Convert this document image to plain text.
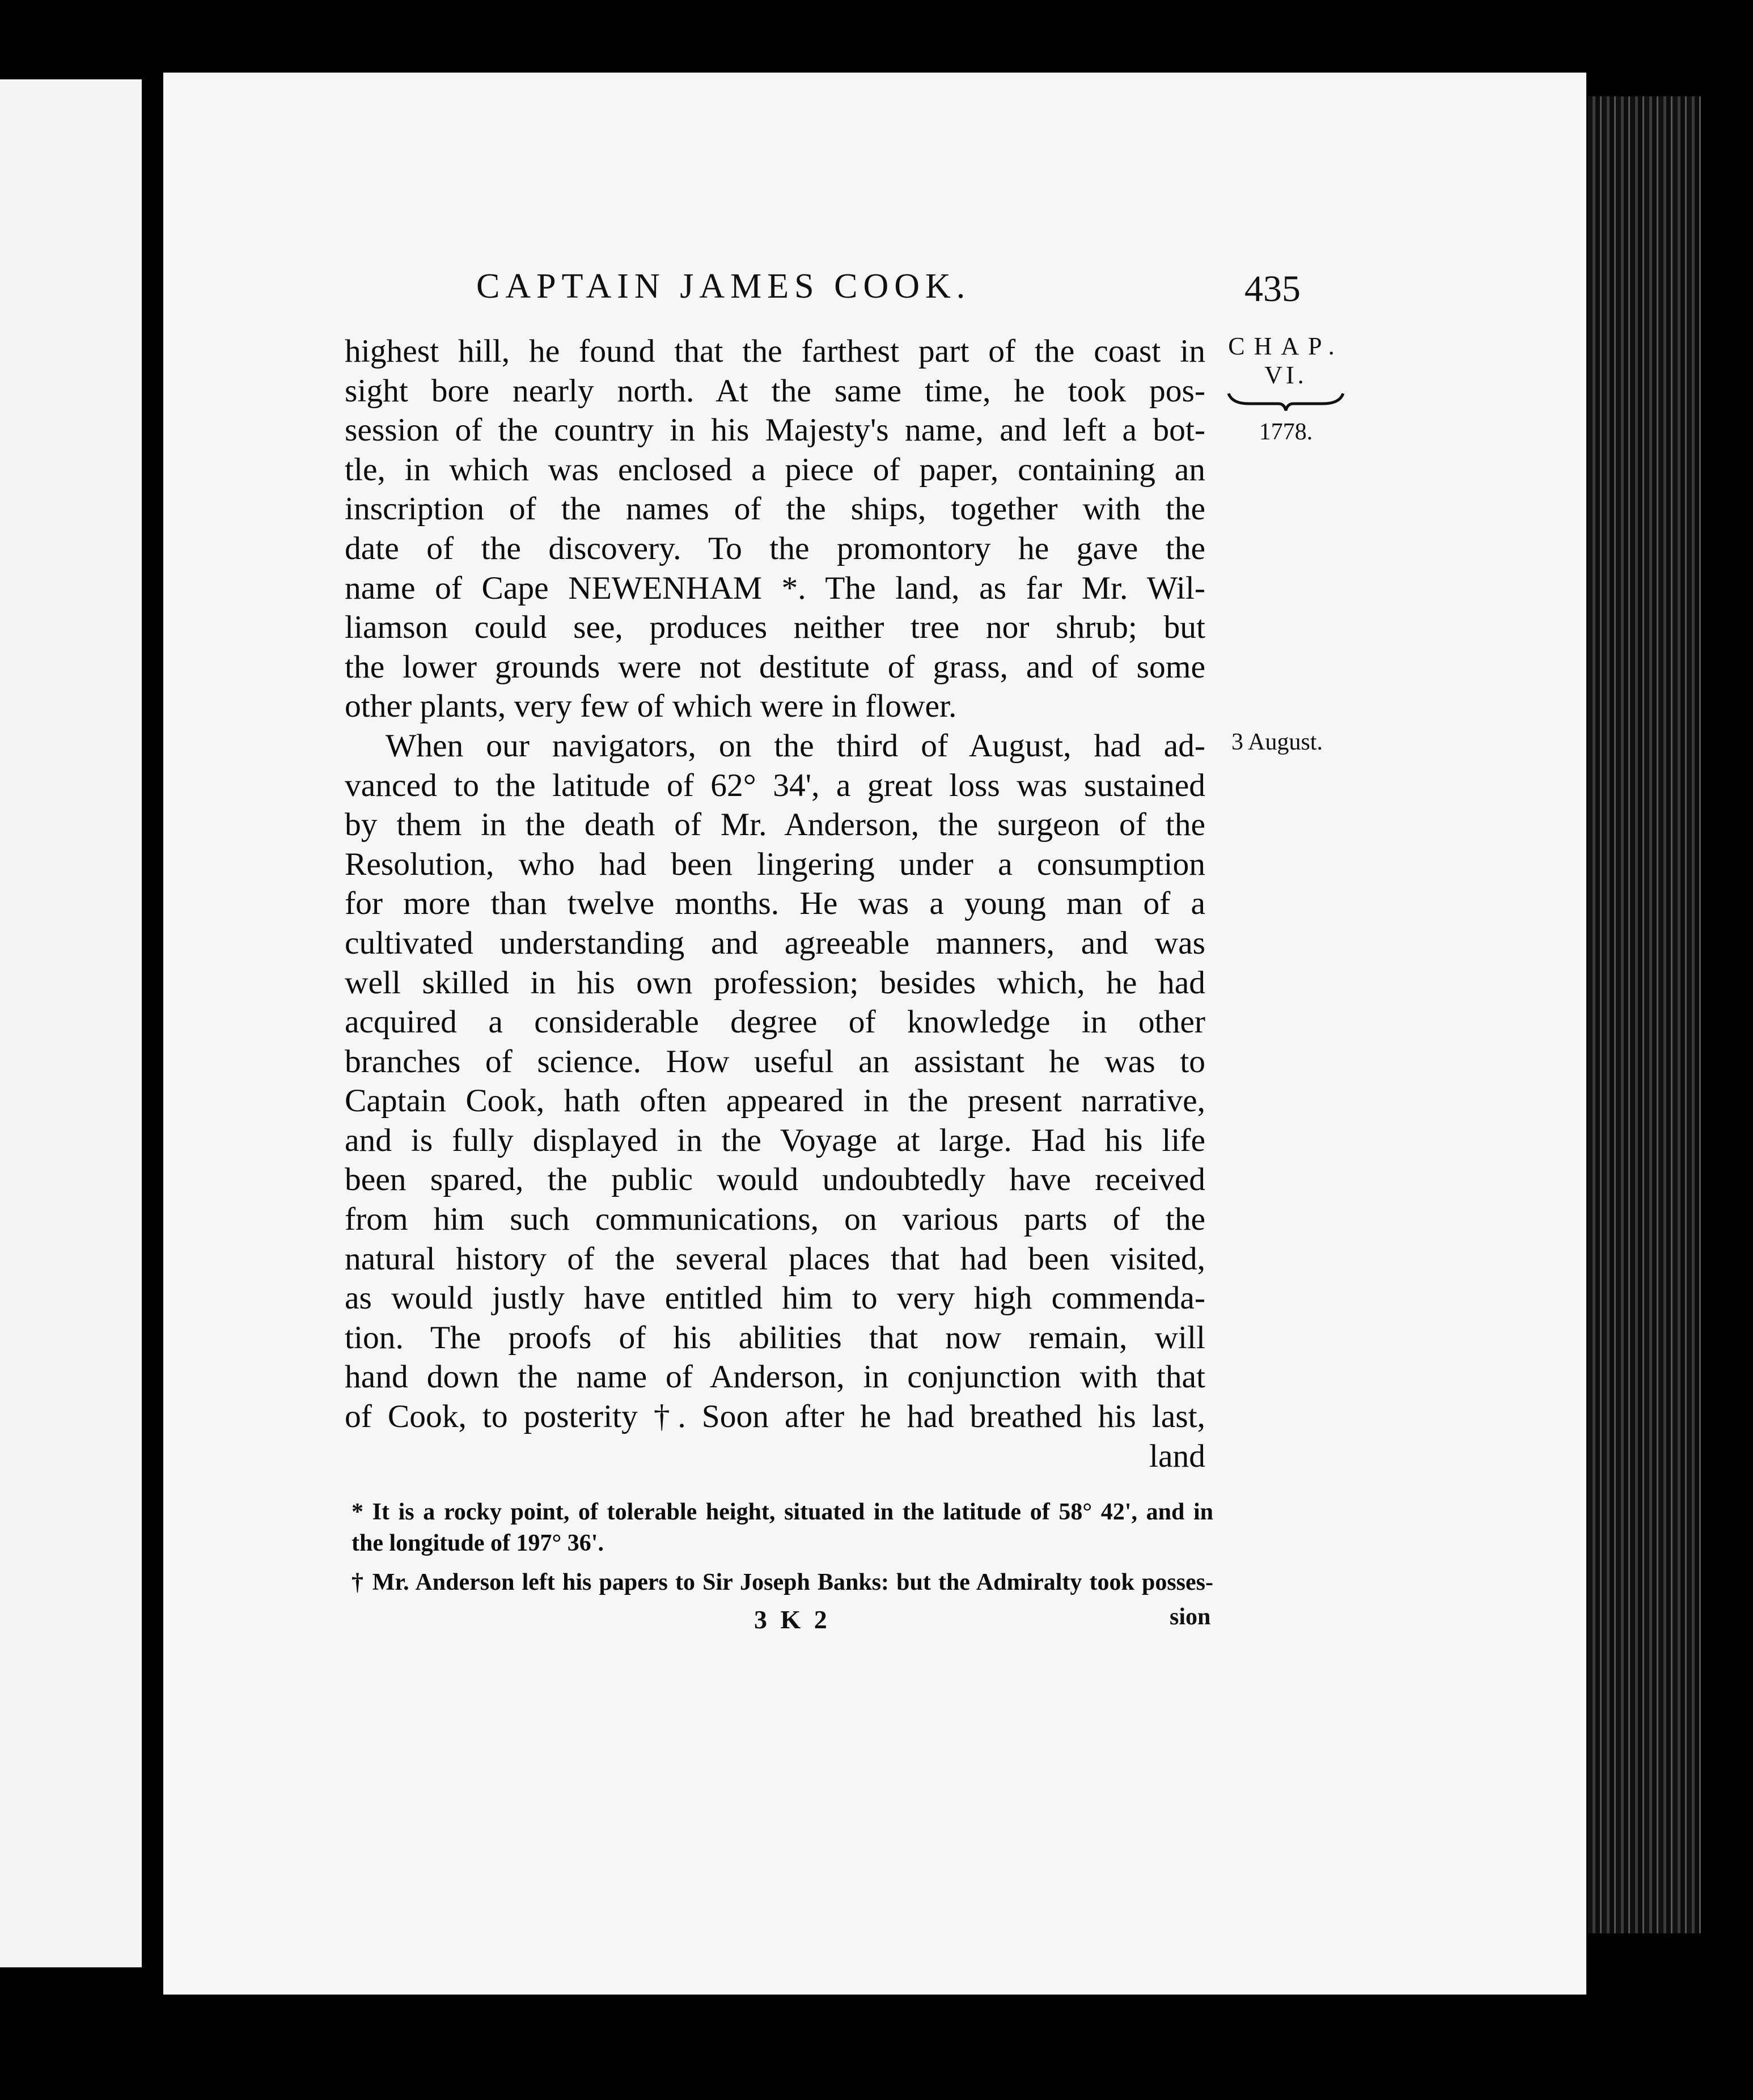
CAPTAIN JAMES COOK.	435
CHAP.
VI.
1778.
3 August.
highest hill, he found that the farthest part of the coast in
sight bore nearly north. At the same time, he took pos-
session of the country in his Majesty's name, and left a bot-
tle, in which was enclosed a piece of paper, containing an
inscription of the names of the ships, together with the
date of the discovery. To the promontory he gave the
name of Cape NEWENHAM *. The land, as far Mr. Wil-
liamson could see, produces neither tree nor shrub; but
the lower grounds were not destitute of grass, and of some
other plants, very few of which were in flower.
When our navigators, on the third of August, had ad-
vanced to the latitude of 62° 34', a great loss was sustained
by them in the death of Mr. Anderson, the surgeon of the
Resolution, who had been lingering under a consumption
for more than twelve months. He was a young man of a
cultivated understanding and agreeable manners, and was
well skilled in his own profession; besides which, he had
acquired a considerable degree of knowledge in other
branches of science. How useful an assistant he was to
Captain Cook, hath often appeared in the present narrative,
and is fully displayed in the Voyage at large. Had his life
been spared, the public would undoubtedly have received
from him such communications, on various parts of the
natural history of the several places that had been visited,
as would justly have entitled him to very high commenda-
tion. The proofs of his abilities that now remain, will
hand down the name of Anderson, in conjunction with that
of Cook, to posterity †. Soon after he had breathed his last,
land
* It is a rocky point, of tolerable height, situated in the latitude of 58° 42', and in
the longitude of 197° 36'.
† Mr. Anderson left his papers to Sir Joseph Banks: but the Admiralty took posses-
3 K 2	sion
